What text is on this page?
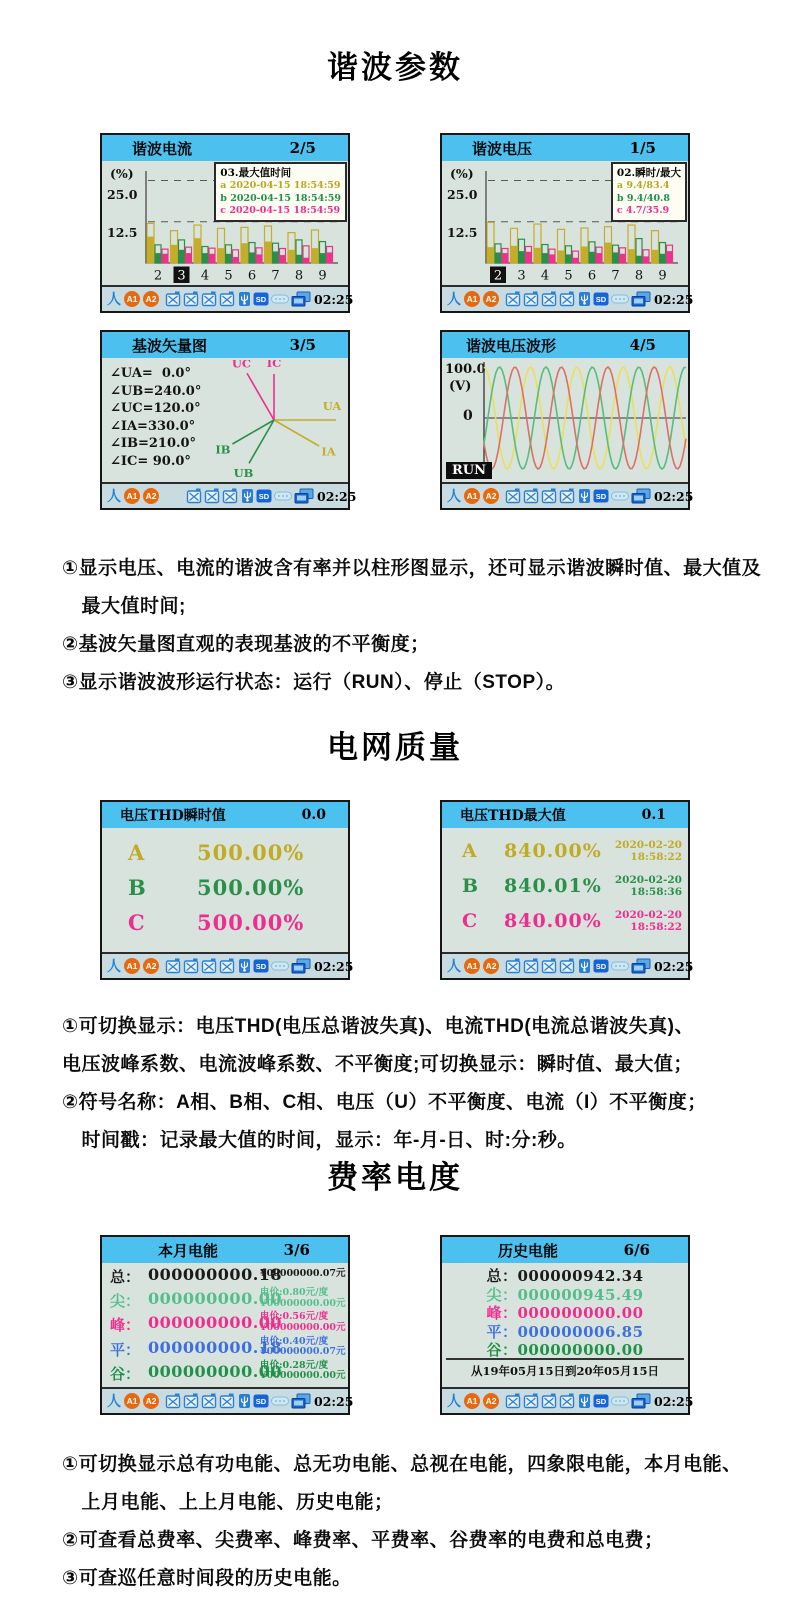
谐波参数
电网质量
费率电度
谐波电流	2/5
(%)
25.0
12.5
2 3 4 5 6 7 8 9
03.最大值时间
a 2020-04-15 18:54:59
b 2020-04-15 18:54:59
c 2020-04-15 18:54:59
人 A1 A2	SD	02:25
谐波电压	1/5
(%)
25.0
12.5
2 3 4 5 6 7 8 9
02.瞬时/最大
a 9.4/83.4
b 9.4/40.8
c 4.7/35.9
人 A1 A2	SD	02:25
基波矢量图	3/5
∠UA=  0.0°
∠UB=240.0°
∠UC=120.0°
∠IA=330.0°
∠IB=210.0°
∠IC= 90.0°
UA
IA
UC IC
IB
UB
人 A1 A2	SD	02:25
谐波电压波形	4/5
100.0
(V)
0
RUN
人 A1 A2	SD	02:25
①显示电压、电流的谐波含有率并以柱形图显示，还可显示谐波瞬时值、最大值及
　最大值时间;
②基波矢量图直观的表现基波的不平衡度；
③显示谐波波形运行状态：运行（RUN）、停止（STOP）。
电压THD瞬时值	0.0
A	500.00%
B 500.00%
C 500.00%
人 A1 A2	SD	02:25
电压THD最大值	0.1
A 840.00% 2020-02-20
18:58:22
B 840.01% 2020-02-20
18:58:36
C 840.00% 2020-02-20
18:58:22
人 A1 A2	SD	02:25
①可切换显示：电压THD(电压总谐波失真)、电流THD(电流总谐波失真)、
电压波峰系数、电流波峰系数、不平衡度;可切换显示：瞬时值、最大值；
②符号名称：A相、B相、C相、电压（U）不平衡度、电流（I）不平衡度；
　时间戳：记录最大值的时间，显示：年-月-日、时:分:秒。
本月电能	3/6
总： 000000000.18
¥00000000.07元
尖： 000000000.00
电价:0.80元/度
¥00000000.00元
峰： 000000000.00
电价:0.56元/度
¥00000000.00元
平： 000000000.18
电价:0.40元/度
¥00000000.07元
谷： 000000000.00
电价:0.28元/度
¥00000000.00元
人 A1 A2	SD	02:25
历史电能	6/6
总：000000942.34
尖：000000945.49
峰：000000000.00
平：000000006.85
谷：000000000.00
从19年05月15日到20年05月15日
人 A1 A2	SD	02:25
①可切换显示总有功电能、总无功电能、总视在电能，四象限电能，本月电能、
　上月电能、上上月电能、历史电能；
②可查看总费率、尖费率、峰费率、平费率、谷费率的电费和总电费；
③可查巡任意时间段的历史电能。
